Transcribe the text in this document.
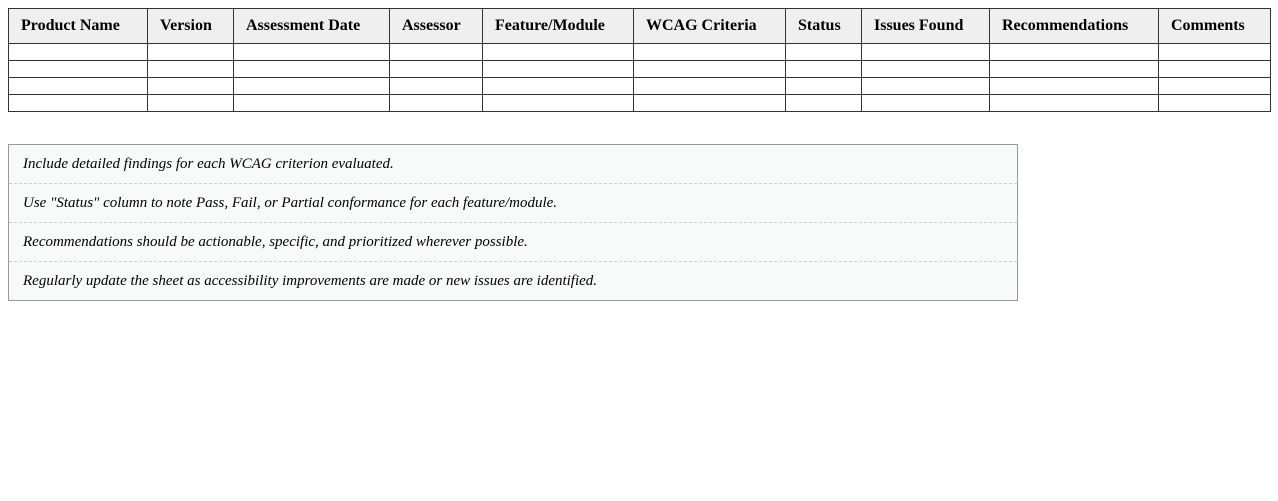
Product Name	Version	Assessment Date	Assessor	Feature/Module	WCAG Criteria	Status	Issues Found	Recommendations	Comments

Include detailed findings for each WCAG criterion evaluated.
Use "Status" column to note Pass, Fail, or Partial conformance for each feature/module.
Recommendations should be actionable, specific, and prioritized wherever possible.
Regularly update the sheet as accessibility improvements are made or new issues are identified.
